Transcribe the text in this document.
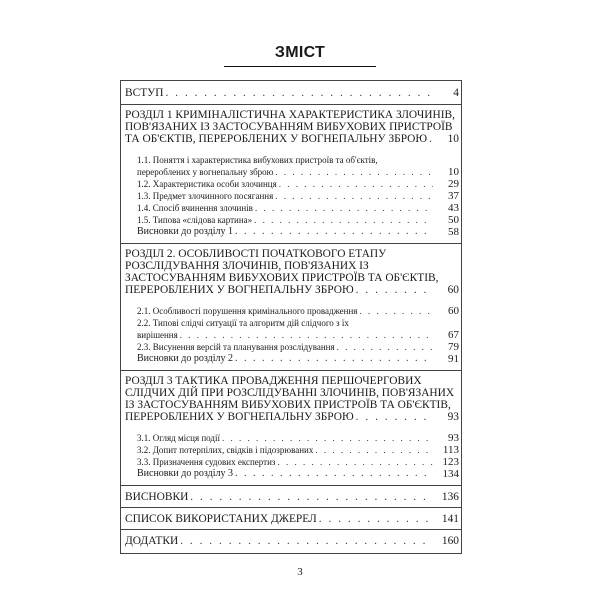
ЗМІСТ
ВСТУП . . .	4
РОЗДІЛ 1 КРИМІНАЛІСТИЧНА ХАРАКТЕРИСТИКА ЗЛОЧИНІВ,
ПОВ'ЯЗАНИХ ІЗ ЗАСТОСУВАННЯМ ВИБУХОВИХ ПРИСТРОЇВ
ТА ОБ'ЄКТІВ, ПЕРЕРОБЛЕНИХ У ВОГНЕПАЛЬНУ ЗБРОЮ . . .	10
1.1. Поняття і характеристика вибухових пристроїв та об'єктів,
перероблених у вогнепальну зброю . . .	10
1.2. Характеристика особи злочинця . . .	29
1.3. Предмет злочинного посягання . . .	37
1.4. Спосіб вчинення злочинів . . .	43
1.5. Типова «слідова картина» . . .	50
Висновки до розділу 1 . . .	58
РОЗДІЛ 2. ОСОБЛИВОСТІ ПОЧАТКОВОГО ЕТАПУ
РОЗСЛІДУВАННЯ ЗЛОЧИНІВ, ПОВ'ЯЗАНИХ ІЗ
ЗАСТОСУВАННЯМ ВИБУХОВИХ ПРИСТРОЇВ ТА ОБ'ЄКТІВ,
ПЕРЕРОБЛЕНИХ У ВОГНЕПАЛЬНУ ЗБРОЮ . . .	60
2.1. Особливості порушення кримінального провадження . . .	60
2.2. Типові слідчі ситуації та алгоритм дій слідчого з їх
вирішення . . .	67
2.3. Висунення версій та планування розслідування . . .	79
Висновки до розділу 2 . . .	91
РОЗДІЛ 3 ТАКТИКА ПРОВАДЖЕННЯ ПЕРШОЧЕРГОВИХ
СЛІДЧИХ ДІЙ ПРИ РОЗСЛІДУВАННІ ЗЛОЧИНІВ, ПОВ'ЯЗАНИХ
ІЗ ЗАСТОСУВАННЯМ ВИБУХОВИХ ПРИСТРОЇВ ТА ОБ'ЄКТІВ,
ПЕРЕРОБЛЕНИХ У ВОГНЕПАЛЬНУ ЗБРОЮ . . .	93
3.1. Огляд місця події . . .	93
3.2. Допит потерпілих, свідків і підозрюваних . . .	113
3.3. Призначення судових експертиз . . .	123
Висновки до розділу 3 . . .	134
ВИСНОВКИ . . .	136
СПИСОК ВИКОРИСТАНИХ ДЖЕРЕЛ . . .	141
ДОДАТКИ . . .	160
3
